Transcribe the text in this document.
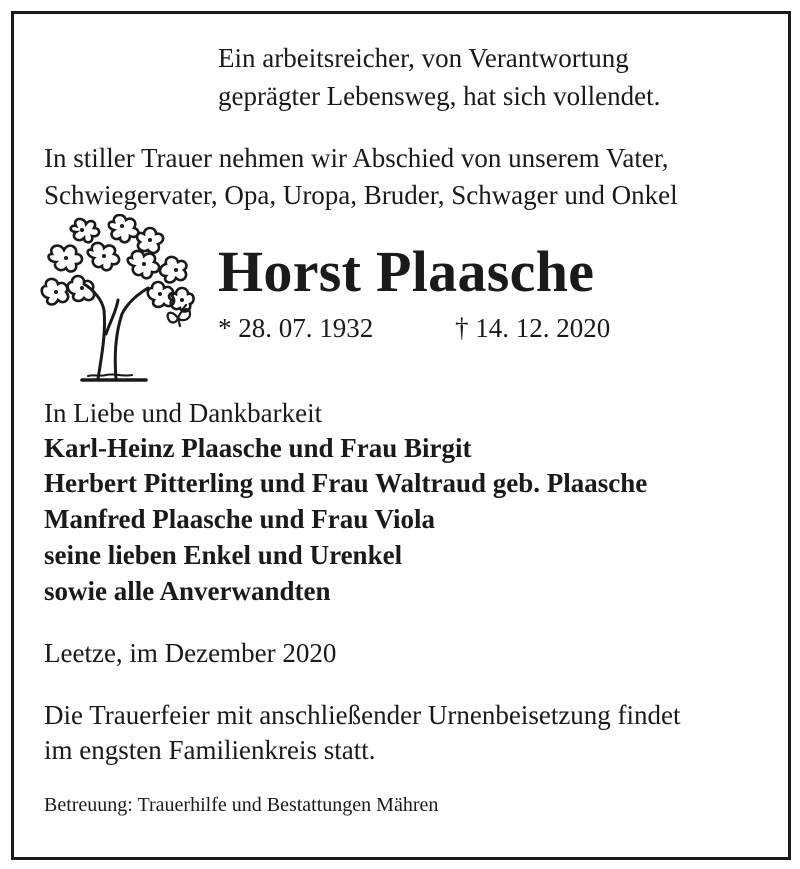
Ein arbeitsreicher, von Verantwortung
geprägter Lebensweg, hat sich vollendet.
In stiller Trauer nehmen wir Abschied von unserem Vater,
Schwiegervater, Opa, Uropa, Bruder, Schwager und Onkel
Horst Plaasche
* 28. 07. 1932	† 14. 12. 2020
In Liebe und Dankbarkeit
Karl-Heinz Plaasche und Frau Birgit
Herbert Pitterling und Frau Waltraud geb. Plaasche
Manfred Plaasche und Frau Viola
seine lieben Enkel und Urenkel
sowie alle Anverwandten
Leetze, im Dezember 2020
Die Trauerfeier mit anschließender Urnenbeisetzung findet
im engsten Familienkreis statt.
Betreuung: Trauerhilfe und Bestattungen Mähren
